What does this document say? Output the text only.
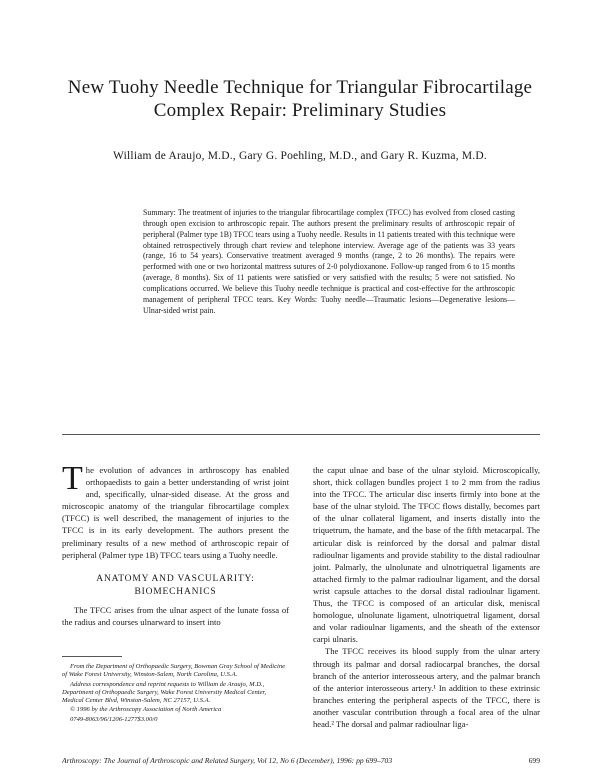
New Tuohy Needle Technique for Triangular Fibrocartilage
Complex Repair: Preliminary Studies
William de Araujo, M.D., Gary G. Poehling, M.D., and Gary R. Kuzma, M.D.
Summary: The treatment of injuries to the triangular fibrocartilage complex (TFCC) has evolved from closed casting through open excision to arthroscopic repair. The authors present the preliminary results of arthroscopic repair of peripheral (Palmer type 1B) TFCC tears using a Tuohy needle. Results in 11 patients treated with this technique were obtained retrospectively through chart review and telephone interview. Average age of the patients was 33 years (range, 16 to 54 years). Conservative treatment averaged 9 months (range, 2 to 26 months). The repairs were performed with one or two horizontal mattress sutures of 2-0 polydioxanone. Follow-up ranged from 6 to 15 months (average, 8 months). Six of 11 patients were satisfied or very satisfied with the results; 5 were not satisfied. No complications occurred. We believe this Tuohy needle technique is practical and cost-effective for the arthroscopic management of peripheral TFCC tears. Key Words: Tuohy needle—Traumatic lesions—Degenerative lesions—Ulnar-sided wrist pain.

The evolution of advances in arthroscopy has enabled orthopaedists to gain a better understanding of wrist joint and, specifically, ulnar-sided disease. At the gross and microscopic anatomy of the triangular fibrocartilage complex (TFCC) is well described, the management of injuries to the TFCC is in its early development. The authors present the preliminary results of a new method of arthroscopic repair of peripheral (Palmer type 1B) TFCC tears using a Tuohy needle.

ANATOMY AND VASCULARITY:
BIOMECHANICS

The TFCC arises from the ulnar aspect of the lunate fossa of the radius and courses ulnarward to insert into

From the Department of Orthopaedic Surgery, Bowman Gray School of Medicine of Wake Forest University, Winston-Salem, North Carolina, U.S.A.

Address correspondence and reprint requests to William de Araujo, M.D., Department of Orthopaedic Surgery, Wake Forest University Medical Center, Medical Center Blvd, Winston-Salem, NC 27157, U.S.A.

© 1996 by the Arthroscopy Association of North America

0749-8063/96/1206-1277$3.00/0

the caput ulnae and base of the ulnar styloid. Microscopically, short, thick collagen bundles project 1 to 2 mm from the radius into the TFCC. The articular disc inserts firmly into bone at the base of the ulnar styloid. The TFCC flows distally, becomes part of the ulnar collateral ligament, and inserts distally into the triquetrum, the hamate, and the base of the fifth metacarpal. The articular disk is reinforced by the dorsal and palmar distal radioulnar ligaments and provide stability to the distal radioulnar joint. Palmarly, the ulnolunate and ulnotriquetral ligaments are attached firmly to the palmar radioulnar ligament, and the dorsal wrist capsule attaches to the dorsal distal radioulnar ligament. Thus, the TFCC is composed of an articular disk, meniscal homologue, ulnolunate ligament, ulnotriquetral ligament, dorsal and volar radioulnar ligaments, and the sheath of the extensor carpi ulnaris.

The TFCC receives its blood supply from the ulnar artery through its palmar and dorsal radiocarpal branches, the dorsal branch of the anterior interosseous artery, and the palmar branch of the anterior interosseous artery.¹ In addition to these extrinsic branches entering the peripheral aspects of the TFCC, there is another vascular contribution through a focal area of the ulnar head.² The dorsal and palmar radioulnar liga-

Arthroscopy: The Journal of Arthroscopic and Related Surgery, Vol 12, No 6 (December), 1996: pp 699–703	699
